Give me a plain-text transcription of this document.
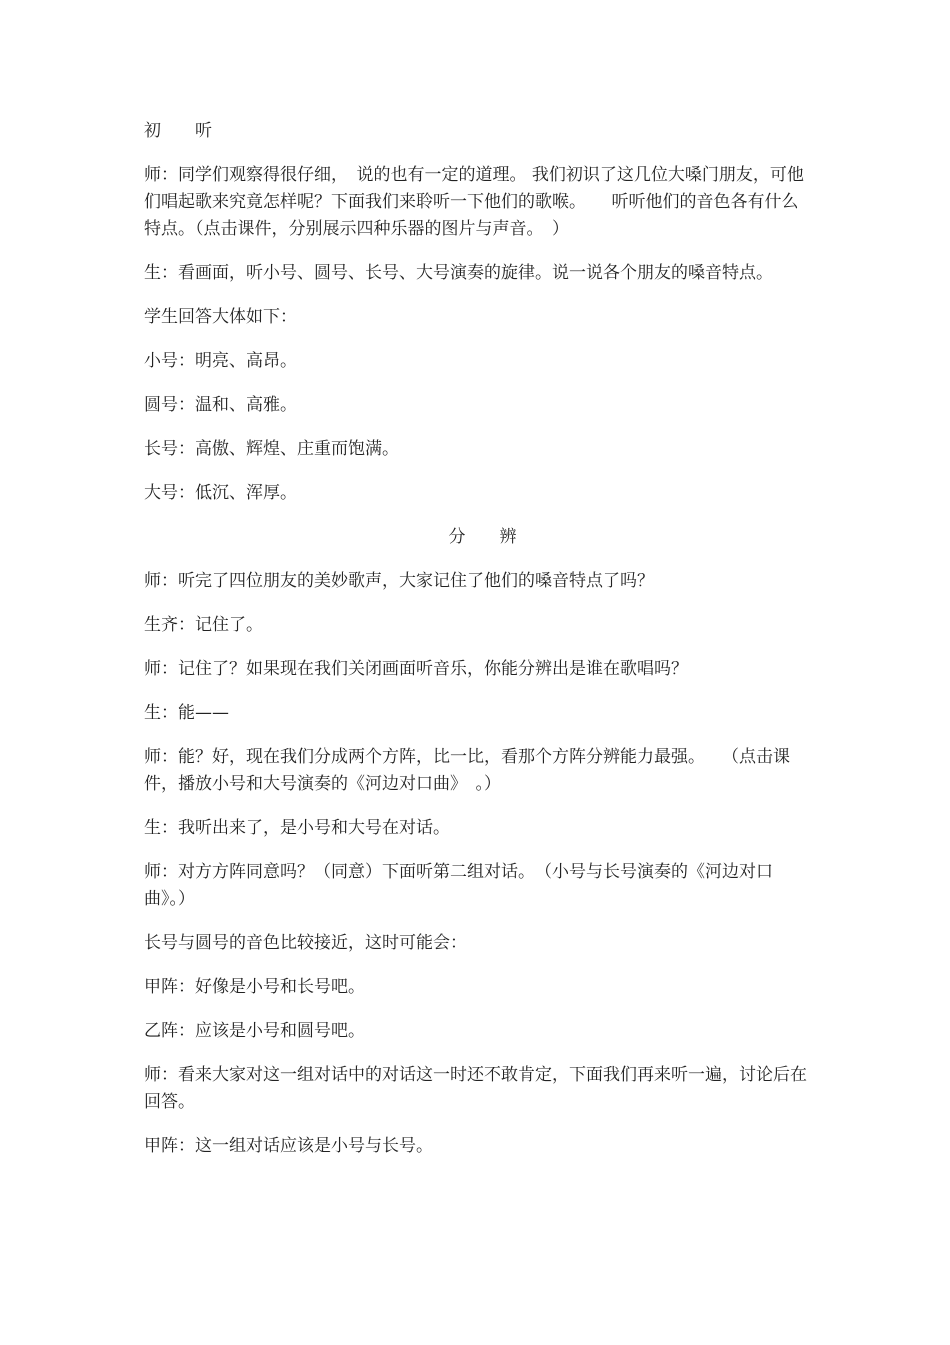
初　　听

师：同学们观察得很仔细，　说的也有一定的道理。 我们初识了这几位大嗓门朋友，可他们唱起歌来究竟怎样呢？下面我们来聆听一下他们的歌喉。　　听听他们的音色各有什么特点。（点击课件，分别展示四种乐器的图片与声音。　）

生：看画面，听小号、圆号、长号、大号演奏的旋律。说一说各个朋友的嗓音特点。

学生回答大体如下：

小号：明亮、高昂。

圆号：温和、高雅。

长号：高傲、辉煌、庄重而饱满。

大号：低沉、浑厚。

分　　辨

师：听完了四位朋友的美妙歌声，大家记住了他们的嗓音特点了吗？

生齐：记住了。

师：记住了？如果现在我们关闭画面听音乐，你能分辨出是谁在歌唱吗？

生：能——

师：能？好，现在我们分成两个方阵，比一比，看那个方阵分辨能力最强。　　（点击课件，播放小号和大号演奏的《河边对口曲》　。）

生：我听出来了，是小号和大号在对话。

师：对方方阵同意吗？（同意）下面听第二组对话。　（小号与长号演奏的《河边对口曲》。）

长号与圆号的音色比较接近，这时可能会：

甲阵：好像是小号和长号吧。

乙阵：应该是小号和圆号吧。

师：看来大家对这一组对话中的对话这一时还不敢肯定，下面我们再来听一遍，讨论后在回答。

甲阵：这一组对话应该是小号与长号。
